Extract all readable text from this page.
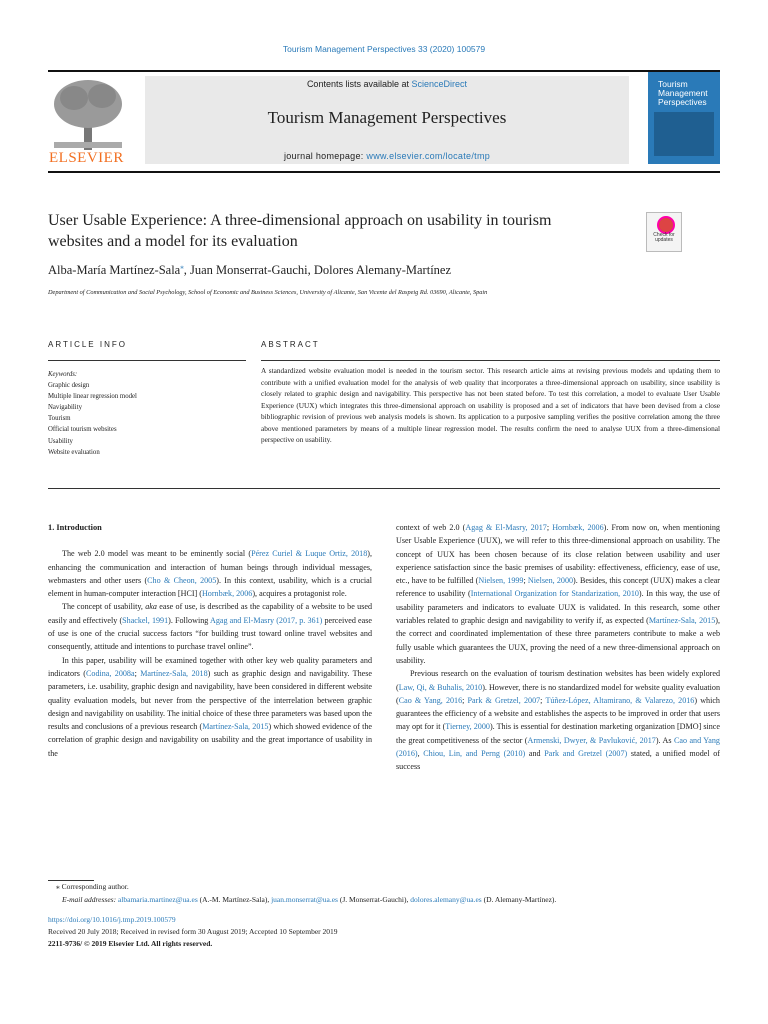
Tourism Management Perspectives 33 (2020) 100579
ELSEVIER
Contents lists available at ScienceDirect
Tourism Management Perspectives
journal homepage: www.elsevier.com/locate/tmp
Tourism Management Perspectives
User Usable Experience: A three-dimensional approach on usability in tourism websites and a model for its evaluation	Check for updates
Alba-María Martínez-Sala⁎, Juan Monserrat-Gauchi, Dolores Alemany-Martínez
Department of Communication and Social Psychology, School of Economic and Business Sciences, University of Alicante, San Vicente del Raspeig Rd. 03690, Alicante, Spain
ARTICLE INFO	ABSTRACT
Keywords:
Graphic design
Multiple linear regression model
Navigability
Tourism
Official tourism websites
Usability
Website evaluation
A standardized website evaluation model is needed in the tourism sector. This research article aims at revising previous models and updating them to contribute with a unified evaluation model for the analysis of web quality that incorporates a three-dimensional approach on usability, since usability is closely related to graphic design and navigability. This perspective has not been stated before. To test this correlation, a model to evaluate User Usable Experience (UUX) which integrates this three-dimensional approach on usability is proposed and a set of indicators that have been devised from a close bibliographic revision of previous web analysis models is shown. Its application to a purposive sampling verifies the positive correlation among the three above mentioned parameters by means of a multiple linear regression model. The results confirm the need to analyse UUX from a three-dimensional perspective on usability.
1. Introduction

The web 2.0 model was meant to be eminently social (Pérez Curiel & Luque Ortiz, 2018), enhancing the communication and interaction of human beings through individual messages, webmasters and other users (Cho & Cheon, 2005). In this context, usability, which is a crucial element in human-computer interaction [HCI] (Hornbæk, 2006), acquires a protagonist role.

The concept of usability, aka ease of use, is described as the capability of a website to be used easily and effectively (Shackel, 1991). Following Agag and El-Masry (2017, p. 361) perceived ease of use is one of the crucial success factors “for building trust toward online travel websites and consequently, attitude and intentions to purchase travel online”.

In this paper, usability will be examined together with other key web quality parameters and indicators (Codina, 2008a; Martínez-Sala, 2018) such as graphic design and navigability. These parameters, i.e. usability, graphic design and navigability, have been considered in different website quality evaluation models, but never from the perspective of the interrelation between graphic design and navigability on usability. The initial choice of these three parameters was based upon the results and conclusions of a previous research (Martínez-Sala, 2015) which showed evidence of the correlation of graphic design and navigability on usability and the great importance of usability in the

context of web 2.0 (Agag & El-Masry, 2017; Hornbæk, 2006). From now on, when mentioning User Usable Experience (UUX), we will refer to this three-dimensional approach on usability. The concept of UUX has been chosen because of its close relation between usability and user experience satisfaction since the basic premises of usability: effectiveness, efficiency, ease of use, etc., have to be fulfilled (Nielsen, 1999; Nielsen, 2000). Besides, this concept (UUX) makes a clear reference to usability (International Organization for Standarization, 2010). In this way, the use of usability parameters and indicators to evaluate UUX is validated. In this research, some other variables related to graphic design and navigability to verify if, as expected (Martínez-Sala, 2015), the correct and coordinated implementation of these three parameters contribute to make a web fully usable which guarantees the UUX, proving the need of a new three-dimensional approach on usability.

Previous research on the evaluation of tourism destination websites has been widely explored (Law, Qi, & Buhalis, 2010). However, there is no standardized model for website quality evaluation (Cao & Yang, 2016; Park & Gretzel, 2007; Túñez-López, Altamirano, & Valarezo, 2016) which guarantees the efficiency of a website and establishes the aspects to be improved in order that users may opt for it (Tierney, 2000). This is essential for destination marketing organization [DMO] since the great competitiveness of the sector (Armenski, Dwyer, & Pavluković, 2017). As Cao and Yang (2016), Chiou, Lin, and Perng (2010) and Park and Gretzel (2007) stated, a unified model of success

⁎ Corresponding author.
E-mail addresses: albamaria.martinez@ua.es (A.-M. Martínez-Sala), juan.monserrat@ua.es (J. Monserrat-Gauchi), dolores.alemany@ua.es (D. Alemany-Martínez).
https://doi.org/10.1016/j.tmp.2019.100579
Received 20 July 2018; Received in revised form 30 August 2019; Accepted 10 September 2019
2211-9736/ © 2019 Elsevier Ltd. All rights reserved.
